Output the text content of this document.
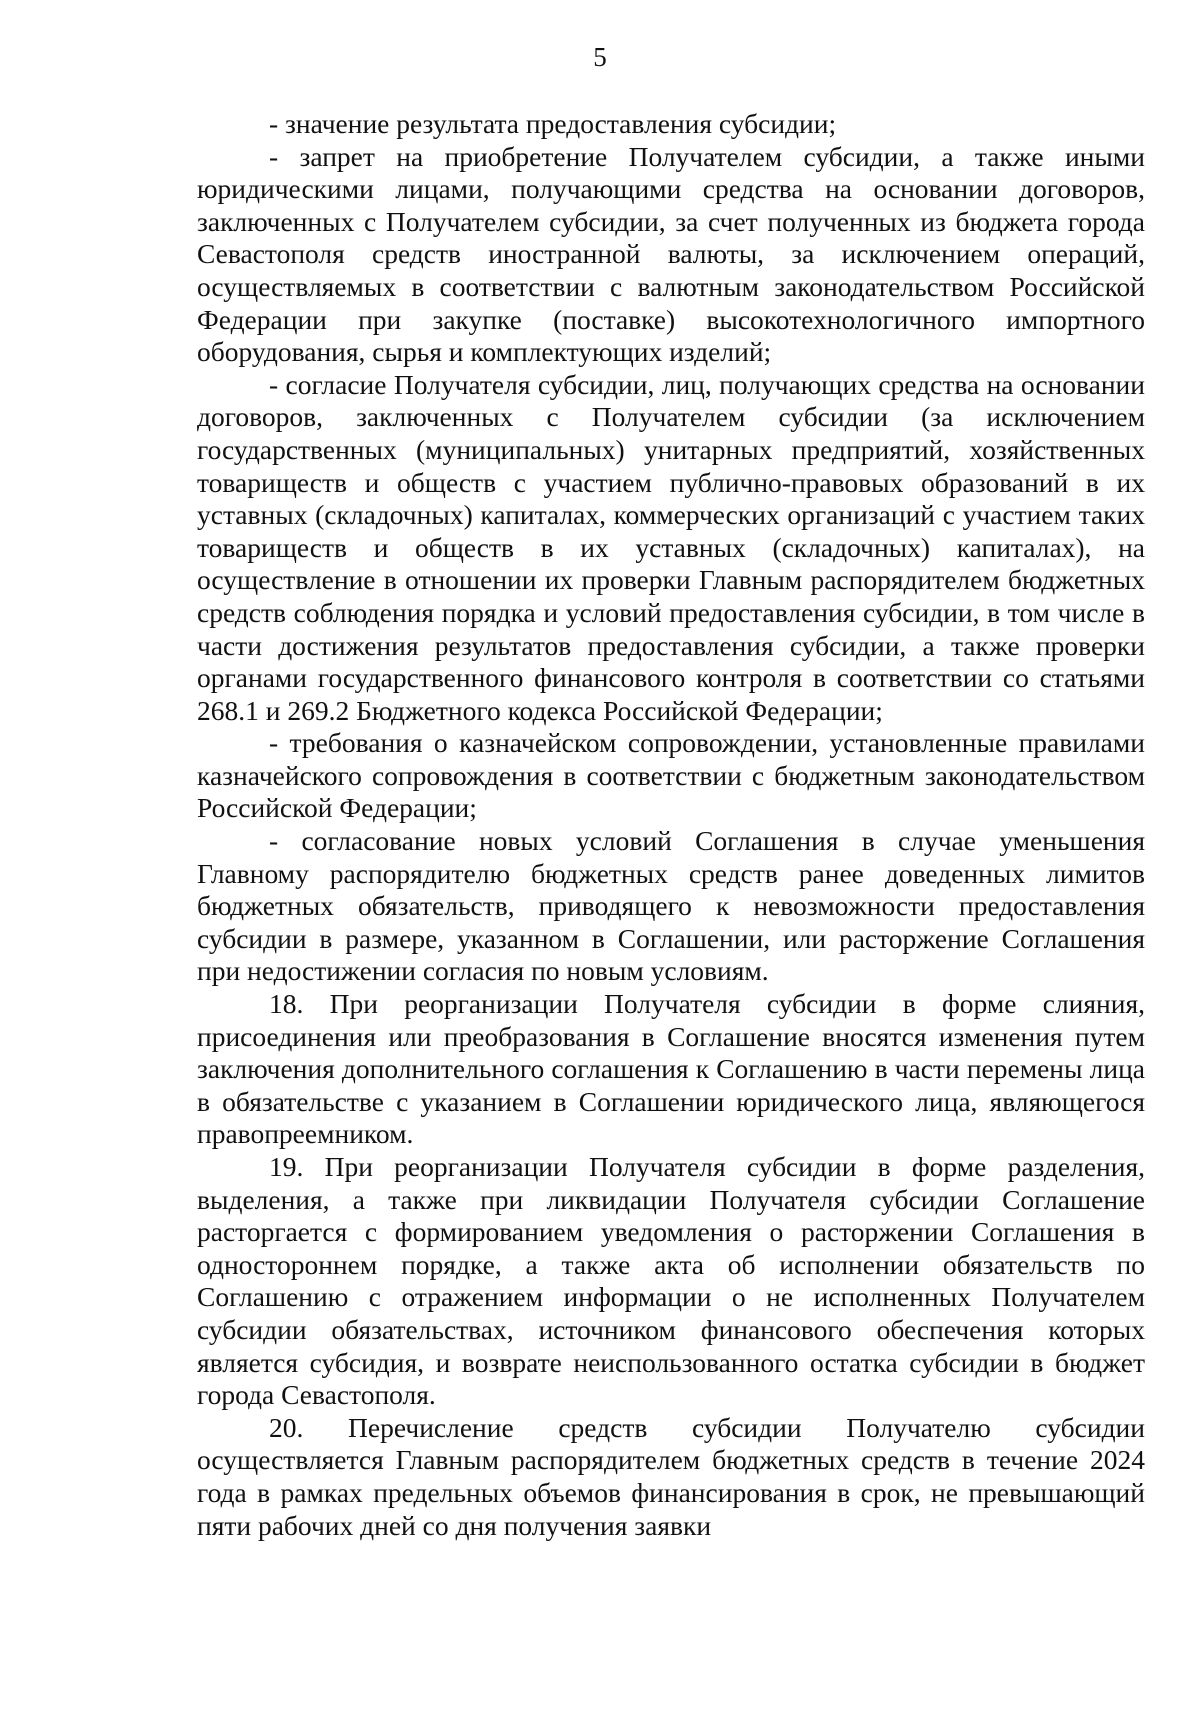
5

- значение результата предоставления субсидии;

- запрет на приобретение Получателем субсидии, а также иными юридическими лицами, получающими средства на основании договоров, заключенных с Получателем субсидии, за счет полученных из бюджета города Севастополя средств иностранной валюты, за исключением операций, осуществляемых в соответствии с валютным законодательством Российской Федерации при закупке (поставке) высокотехнологичного импортного оборудования, сырья и комплектующих изделий;

- согласие Получателя субсидии, лиц, получающих средства на основании договоров, заключенных с Получателем субсидии (за исключением государственных (муниципальных) унитарных предприятий, хозяйственных товариществ и обществ с участием публично-правовых образований в их уставных (складочных) капиталах, коммерческих организаций с участием таких товариществ и обществ в их уставных (складочных) капиталах), на осуществление в отношении их проверки Главным распорядителем бюджетных средств соблюдения порядка и условий предоставления субсидии, в том числе в части достижения результатов предоставления субсидии, а также проверки органами государственного финансового контроля в соответствии со статьями 268.1 и 269.2 Бюджетного кодекса Российской Федерации;

- требования о казначейском сопровождении, установленные правилами казначейского сопровождения в соответствии с бюджетным законодательством Российской Федерации;

- согласование новых условий Соглашения в случае уменьшения Главному распорядителю бюджетных средств ранее доведенных лимитов бюджетных обязательств, приводящего к невозможности предоставления субсидии в размере, указанном в Соглашении, или расторжение Соглашения при недостижении согласия по новым условиям.

18. При реорганизации Получателя субсидии в форме слияния, присоединения или преобразования в Соглашение вносятся изменения путем заключения дополнительного соглашения к Соглашению в части перемены лица в обязательстве с указанием в Соглашении юридического лица, являющегося правопреемником.

19. При реорганизации Получателя субсидии в форме разделения, выделения, а также при ликвидации Получателя субсидии Соглашение расторгается с формированием уведомления о расторжении Соглашения в одностороннем порядке, а также акта об исполнении обязательств по Соглашению с отражением информации о не исполненных Получателем субсидии обязательствах, источником финансового обеспечения которых является субсидия, и возврате неиспользованного остатка субсидии в бюджет города Севастополя.

20. Перечисление средств субсидии Получателю субсидии осуществляется Главным распорядителем бюджетных средств в течение 2024 года в рамках предельных объемов финансирования в срок, не превышающий пяти рабочих дней со дня получения заявки
